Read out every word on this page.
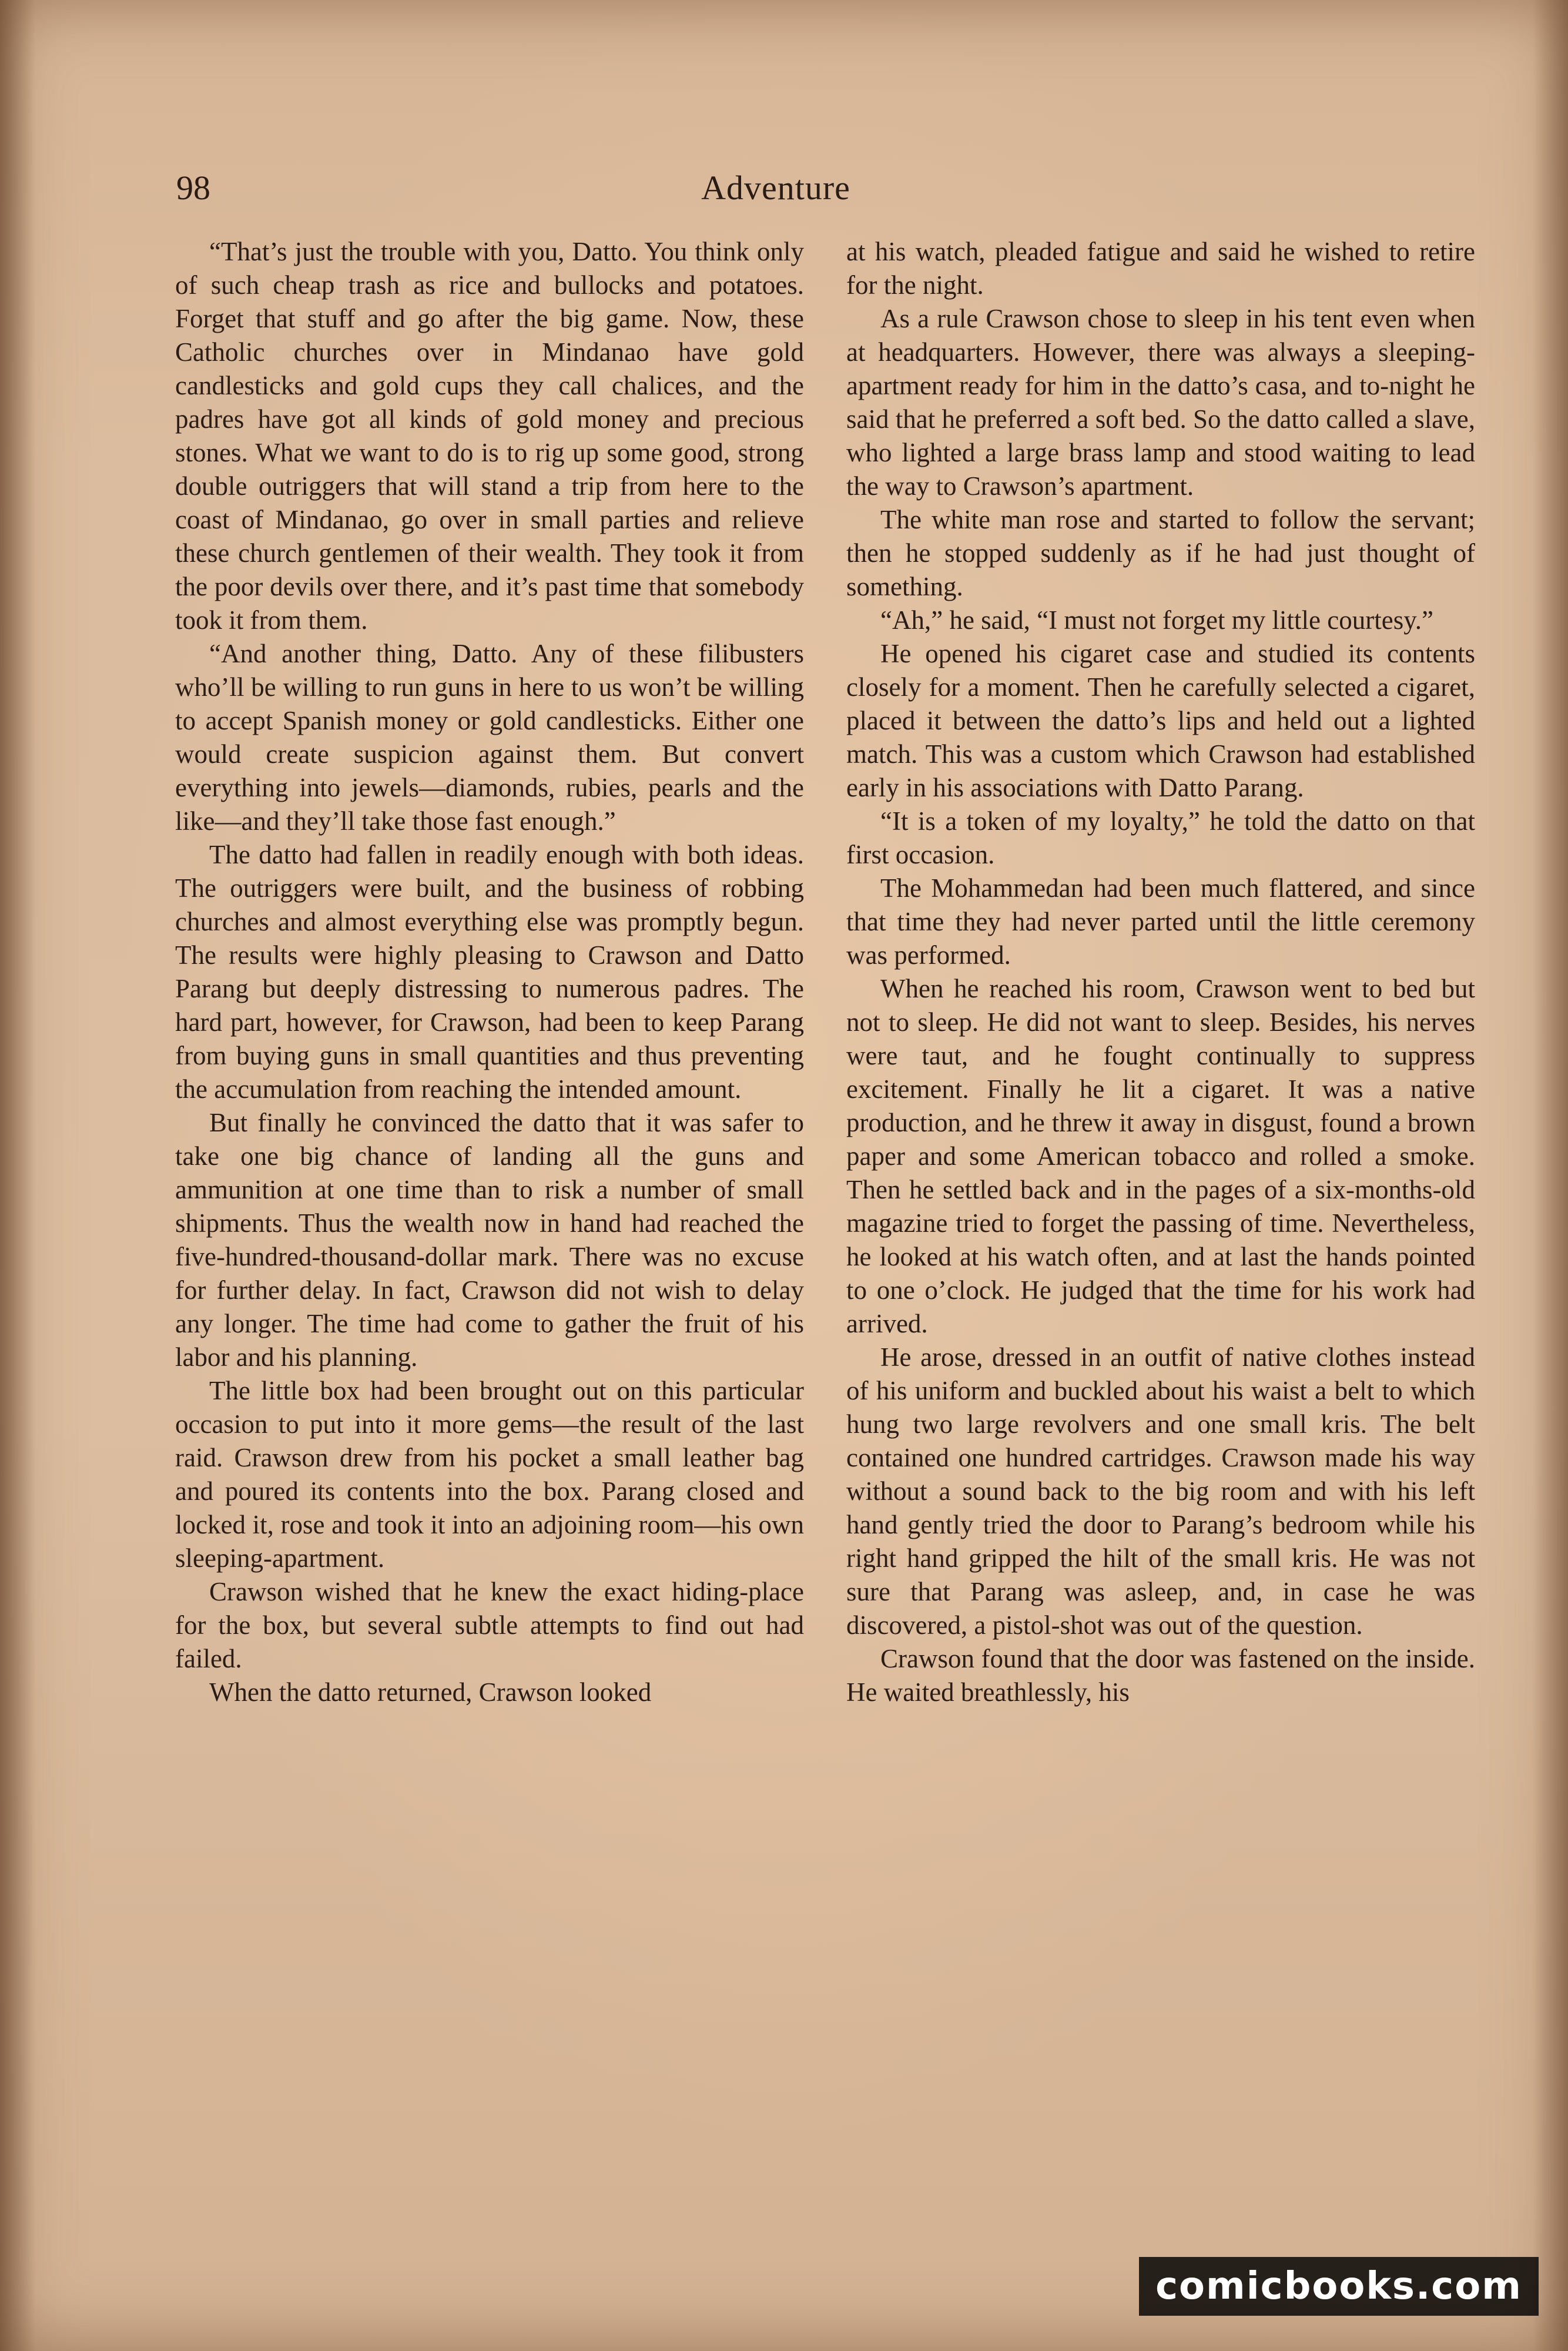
98	Adventure

“That’s just the trouble with you, Datto. You think only of such cheap trash as rice and bullocks and potatoes. Forget that stuff and go after the big game. Now, these Catholic churches over in Mindanao have gold candlesticks and gold cups they call chalices, and the padres have got all kinds of gold money and precious stones. What we want to do is to rig up some good, strong double outriggers that will stand a trip from here to the coast of Mindanao, go over in small parties and relieve these church gentlemen of their wealth. They took it from the poor devils over there, and it’s past time that somebody took it from them.

“And another thing, Datto. Any of these filibusters who’ll be willing to run guns in here to us won’t be willing to accept Spanish money or gold candlesticks. Either one would create suspicion against them. But convert everything into jewels—diamonds, rubies, pearls and the like—and they’ll take those fast enough.”

The datto had fallen in readily enough with both ideas. The outriggers were built, and the business of robbing churches and almost everything else was promptly begun. The results were highly pleasing to Crawson and Datto Parang but deeply distressing to numerous padres. The hard part, however, for Crawson, had been to keep Parang from buying guns in small quantities and thus preventing the accumulation from reaching the intended amount.

But finally he convinced the datto that it was safer to take one big chance of landing all the guns and ammunition at one time than to risk a number of small shipments. Thus the wealth now in hand had reached the five-hundred-thousand-dollar mark. There was no excuse for further delay. In fact, Crawson did not wish to delay any longer. The time had come to gather the fruit of his labor and his planning.

The little box had been brought out on this particular occasion to put into it more gems—the result of the last raid. Crawson drew from his pocket a small leather bag and poured its contents into the box. Parang closed and locked it, rose and took it into an adjoining room—his own sleeping-apartment.

Crawson wished that he knew the exact hiding-place for the box, but several subtle attempts to find out had failed.

When the datto returned, Crawson looked

at his watch, pleaded fatigue and said he wished to retire for the night.

As a rule Crawson chose to sleep in his tent even when at headquarters. However, there was always a sleeping-apartment ready for him in the datto’s casa, and to-night he said that he preferred a soft bed. So the datto called a slave, who lighted a large brass lamp and stood waiting to lead the way to Crawson’s apartment.

The white man rose and started to follow the servant; then he stopped suddenly as if he had just thought of something.

“Ah,” he said, “I must not forget my little courtesy.”

He opened his cigaret case and studied its contents closely for a moment. Then he carefully selected a cigaret, placed it between the datto’s lips and held out a lighted match. This was a custom which Crawson had established early in his associations with Datto Parang.

“It is a token of my loyalty,” he told the datto on that first occasion.

The Mohammedan had been much flattered, and since that time they had never parted until the little ceremony was performed.

When he reached his room, Crawson went to bed but not to sleep. He did not want to sleep. Besides, his nerves were taut, and he fought continually to suppress excitement. Finally he lit a cigaret. It was a native production, and he threw it away in disgust, found a brown paper and some American tobacco and rolled a smoke. Then he settled back and in the pages of a six-months-old magazine tried to forget the passing of time. Nevertheless, he looked at his watch often, and at last the hands pointed to one o’clock. He judged that the time for his work had arrived.

He arose, dressed in an outfit of native clothes instead of his uniform and buckled about his waist a belt to which hung two large revolvers and one small kris. The belt contained one hundred cartridges. Crawson made his way without a sound back to the big room and with his left hand gently tried the door to Parang’s bedroom while his right hand gripped the hilt of the small kris. He was not sure that Parang was asleep, and, in case he was discovered, a pistol-shot was out of the question.

Crawson found that the door was fastened on the inside. He waited breathlessly, his

comicbooks.com
